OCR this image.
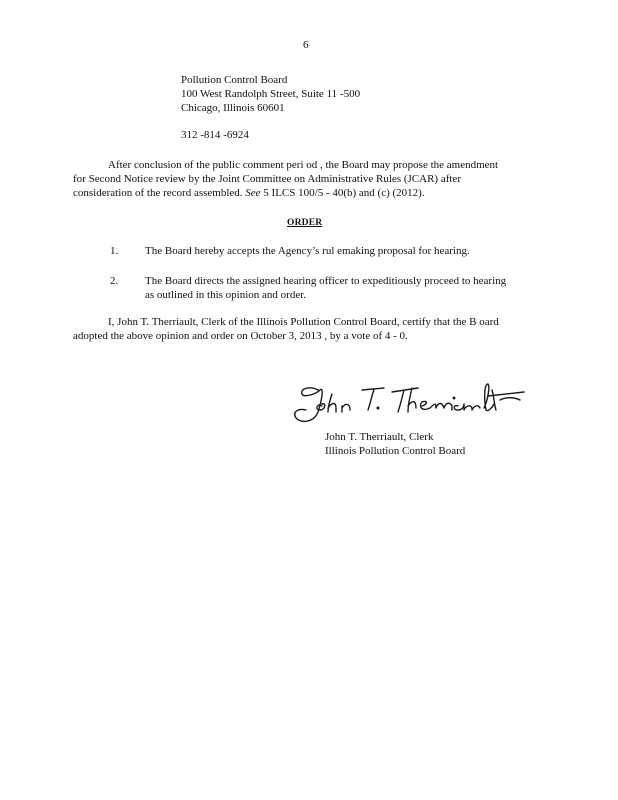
6
Pollution Control Board
100 West Randolph Street, Suite 11 -500
Chicago, Illinois 60601
312 -814 -6924
After conclusion of the public comment peri od , the Board may propose the amendment
for Second Notice review by the Joint Committee on Administrative Rules (JCAR) after
consideration of the record assembled. See 5 ILCS 100/5 - 40(b) and (c) (2012).
ORDER
1. The Board hereby accepts the Agency’s rul emaking proposal for hearing.
2. The Board directs the assigned hearing officer to expeditiously proceed to hearing
as outlined in this opinion and order.
I, John T. Therriault, Clerk of the Illinois Pollution Control Board, certify that the B oard
adopted the above opinion and order on October 3, 2013 , by a vote of 4 - 0.
John T. Therriault, Clerk
Illinois Pollution Control Board
